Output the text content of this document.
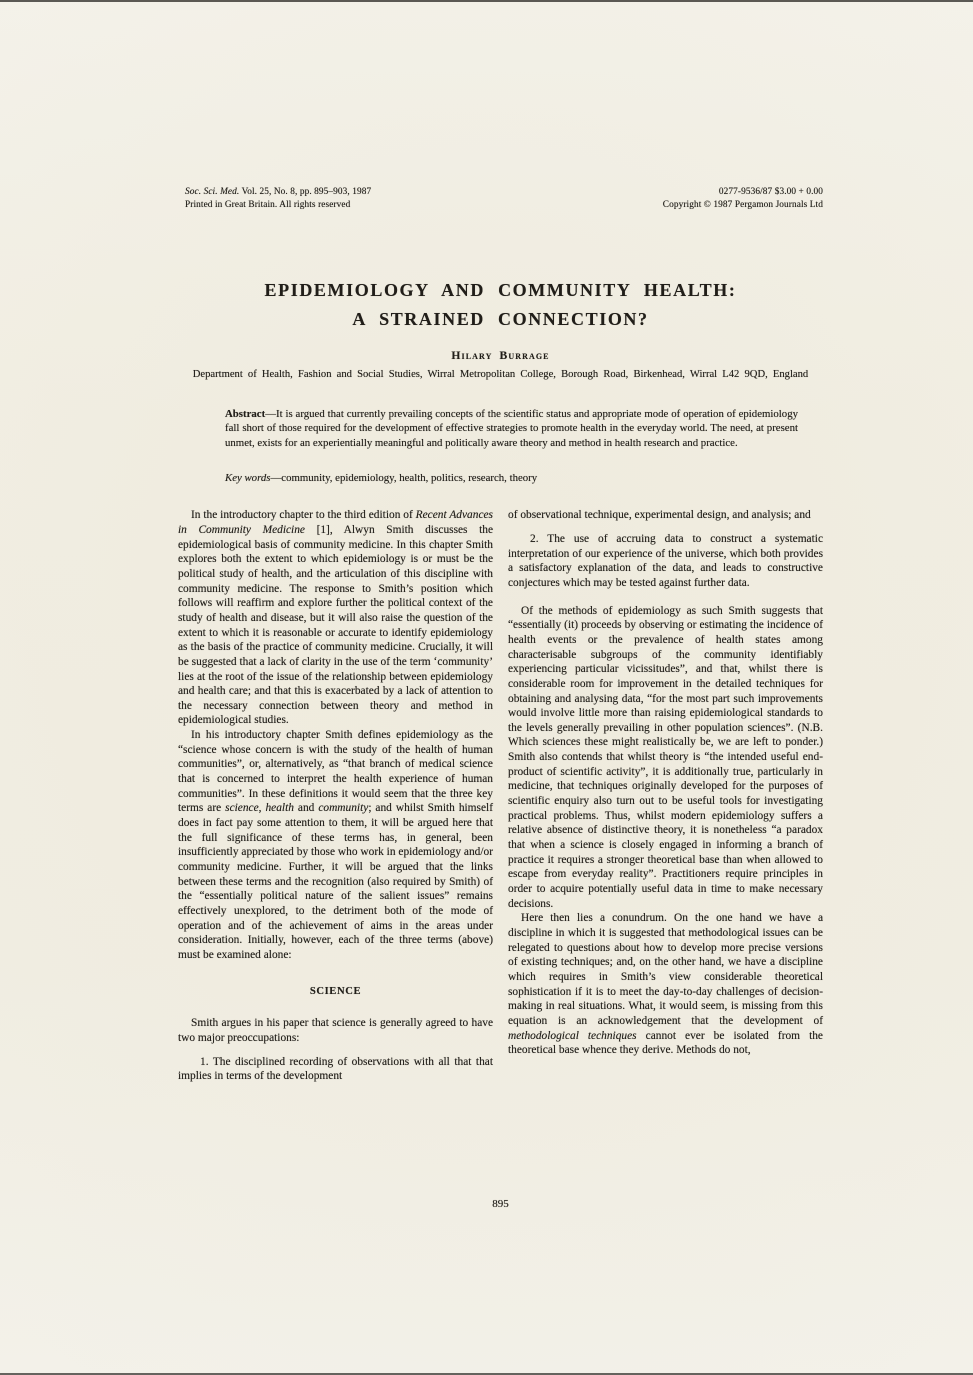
Soc. Sci. Med. Vol. 25, No. 8, pp. 895–903, 1987
Printed in Great Britain. All rights reserved
0277-9536/87 $3.00 + 0.00
Copyright © 1987 Pergamon Journals Ltd
EPIDEMIOLOGY AND COMMUNITY HEALTH:
A STRAINED CONNECTION?
Hilary Burrage
Department of Health, Fashion and Social Studies, Wirral Metropolitan College, Borough Road, Birkenhead, Wirral L42 9QD, England
Abstract—It is argued that currently prevailing concepts of the scientific status and appropriate mode of operation of epidemiology fall short of those required for the development of effective strategies to promote health in the everyday world. The need, at present unmet, exists for an experientially meaningful and politically aware theory and method in health research and practice.
Key words—community, epidemiology, health, politics, research, theory

In the introductory chapter to the third edition of Recent Advances in Community Medicine [1], Alwyn Smith discusses the epidemiological basis of community medicine. In this chapter Smith explores both the extent to which epidemiology is or must be the political study of health, and the articulation of this discipline with community medicine. The response to Smith’s position which follows will reaffirm and explore further the political context of the study of health and disease, but it will also raise the question of the extent to which it is reasonable or accurate to identify epidemiology as the basis of the practice of community medicine. Crucially, it will be suggested that a lack of clarity in the use of the term ‘community’ lies at the root of the issue of the relationship between epidemiology and health care; and that this is exacerbated by a lack of attention to the necessary connection between theory and method in epidemiological studies.

In his introductory chapter Smith defines epidemiology as the “science whose concern is with the study of the health of human communities”, or, alternatively, as “that branch of medical science that is concerned to interpret the health experience of human communities”. In these definitions it would seem that the three key terms are science, health and community; and whilst Smith himself does in fact pay some attention to them, it will be argued here that the full significance of these terms has, in general, been insufficiently appreciated by those who work in epidemiology and/or community medicine. Further, it will be argued that the links between these terms and the recognition (also required by Smith) of the “essentially political nature of the salient issues” remains effectively unexplored, to the detriment both of the mode of operation and of the achievement of aims in the areas under consideration. Initially, however, each of the three terms (above) must be examined alone:

SCIENCE

Smith argues in his paper that science is generally agreed to have two major preoccupations:

1. The disciplined recording of observations with all that that implies in terms of the development

of observational technique, experimental design, and analysis; and

2. The use of accruing data to construct a systematic interpretation of our experience of the universe, which both provides a satisfactory explanation of the data, and leads to constructive conjectures which may be tested against further data.

Of the methods of epidemiology as such Smith suggests that “essentially (it) proceeds by observing or estimating the incidence of health events or the prevalence of health states among characterisable subgroups of the community identifiably experiencing particular vicissitudes”, and that, whilst there is considerable room for improvement in the detailed techniques for obtaining and analysing data, “for the most part such improvements would involve little more than raising epidemiological standards to the levels generally prevailing in other population sciences”. (N.B. Which sciences these might realistically be, we are left to ponder.) Smith also contends that whilst theory is “the intended useful end-product of scientific activity”, it is additionally true, particularly in medicine, that techniques originally developed for the purposes of scientific enquiry also turn out to be useful tools for investigating practical problems. Thus, whilst modern epidemiology suffers a relative absence of distinctive theory, it is nonetheless “a paradox that when a science is closely engaged in informing a branch of practice it requires a stronger theoretical base than when allowed to escape from everyday reality”. Practitioners require principles in order to acquire potentially useful data in time to make necessary decisions.

Here then lies a conundrum. On the one hand we have a discipline in which it is suggested that methodological issues can be relegated to questions about how to develop more precise versions of existing techniques; and, on the other hand, we have a discipline which requires in Smith’s view considerable theoretical sophistication if it is to meet the day-to-day challenges of decision-making in real situations. What, it would seem, is missing from this equation is an acknowledgement that the development of methodological techniques cannot ever be isolated from the theoretical base whence they derive. Methods do not,

895
